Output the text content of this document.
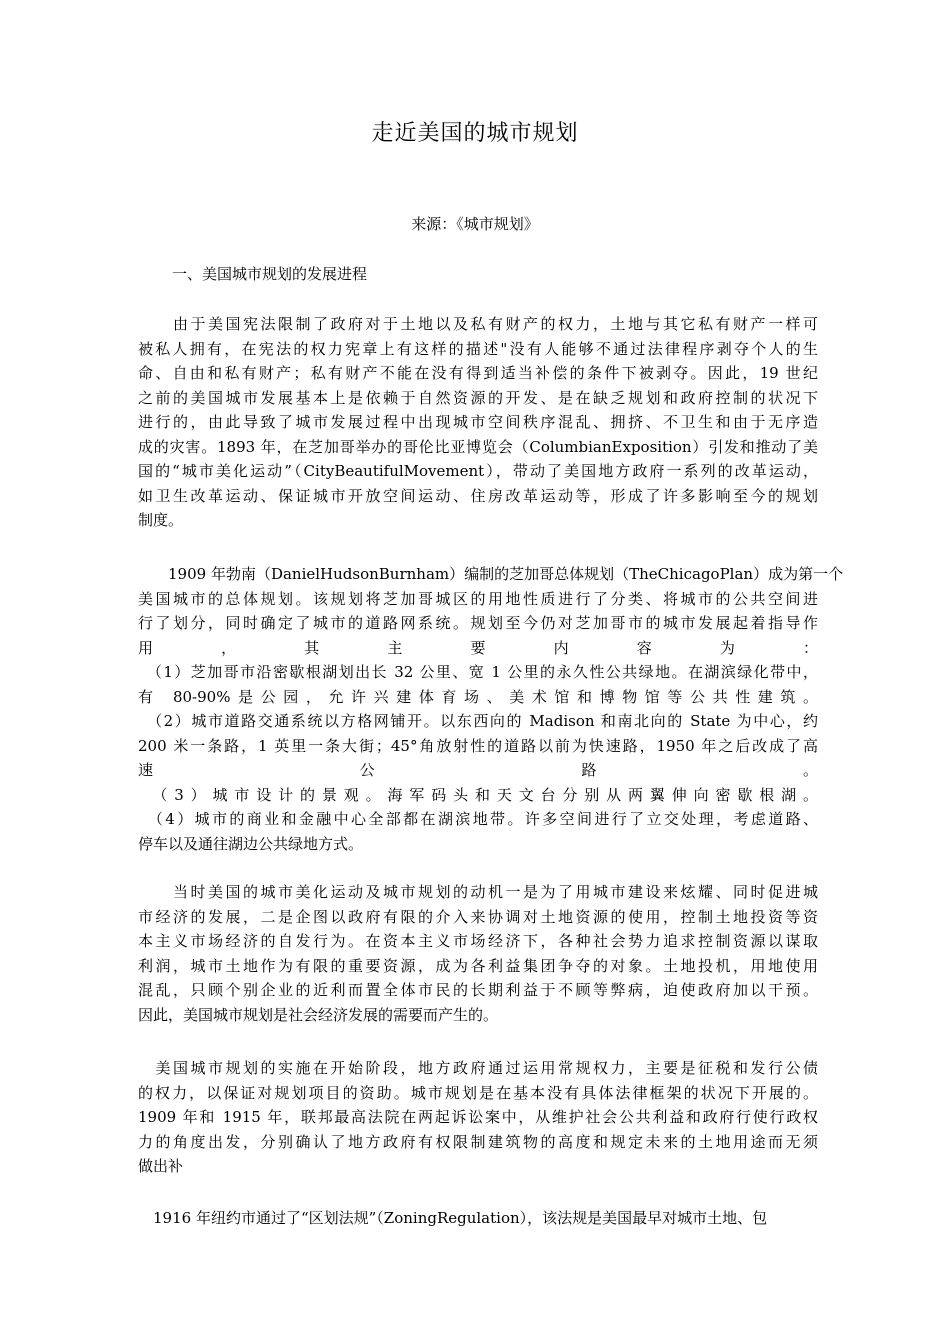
走近美国的城市规划
来源：《城市规划》
一、美国城市规划的发展进程
　　由于美国宪法限制了政府对于土地以及私有财产的权力，土地与其它私有财产一样可
被私人拥有，在宪法的权力宪章上有这样的描述"没有人能够不通过法律程序剥夺个人的生
命、自由和私有财产；私有财产不能在没有得到适当补偿的条件下被剥夺。因此，19 世纪
之前的美国城市发展基本上是依赖于自然资源的开发、是在缺乏规划和政府控制的状况下
进行的，由此导致了城市发展过程中出现城市空间秩序混乱、拥挤、不卫生和由于无序造
成的灾害。1893 年，在芝加哥举办的哥伦比亚博览会（ColumbianExposition）引发和推动了美
国的“城市美化运动”（CityBeautifulMovement），带动了美国地方政府一系列的改革运动，
如卫生改革运动、保证城市开放空间运动、住房改革运动等，形成了许多影响至今的规划
制度。
　　1909 年勃南（DanielHudsonBurnham）编制的芝加哥总体规划（TheChicagoPlan）成为第一个
美国城市的总体规划。该规划将芝加哥城区的用地性质进行了分类、将城市的公共空间进
行了划分，同时确定了城市的道路网系统。规划至今仍对芝加哥市的城市发展起着指导作
用，其主要内容为：
　（1）芝加哥市沿密歇根湖划出长 32 公里、宽 1 公里的永久性公共绿地。在湖滨绿化带中，
有 80-90%是公园，允许兴建体育场、美术馆和博物馆等公共性建筑。
　（2）城市道路交通系统以方格网铺开。以东西向的 Madison 和南北向的 State 为中心，约
200 米一条路，1 英里一条大街；45°角放射性的道路以前为快速路，1950 年之后改成了高
速公路。
　（3）城市设计的景观。海军码头和天文台分别从两翼伸向密歇根湖。
　（4）城市的商业和金融中心全部都在湖滨地带。许多空间进行了立交处理，考虑道路、
停车以及通往湖边公共绿地方式。
　　当时美国的城市美化运动及城市规划的动机一是为了用城市建设来炫耀、同时促进城
市经济的发展，二是企图以政府有限的介入来协调对土地资源的使用，控制土地投资等资
本主义市场经济的自发行为。在资本主义市场经济下，各种社会势力追求控制资源以谋取
利润，城市土地作为有限的重要资源，成为各利益集团争夺的对象。土地投机，用地使用
混乱，只顾个别企业的近利而置全体市民的长期利益于不顾等弊病，迫使政府加以干预。
因此，美国城市规划是社会经济发展的需要而产生的。
　美国城市规划的实施在开始阶段，地方政府通过运用常规权力，主要是征税和发行公债
的权力，以保证对规划项目的资助。城市规划是在基本没有具体法律框架的状况下开展的。
1909 年和 1915 年，联邦最高法院在两起诉讼案中，从维护社会公共利益和政府行使行政权
力的角度出发，分别确认了地方政府有权限制建筑物的高度和规定未来的土地用途而无须
做出补
　1916 年纽约市通过了“区划法规”（ZoningRegulation），该法规是美国最早对城市土地、包
